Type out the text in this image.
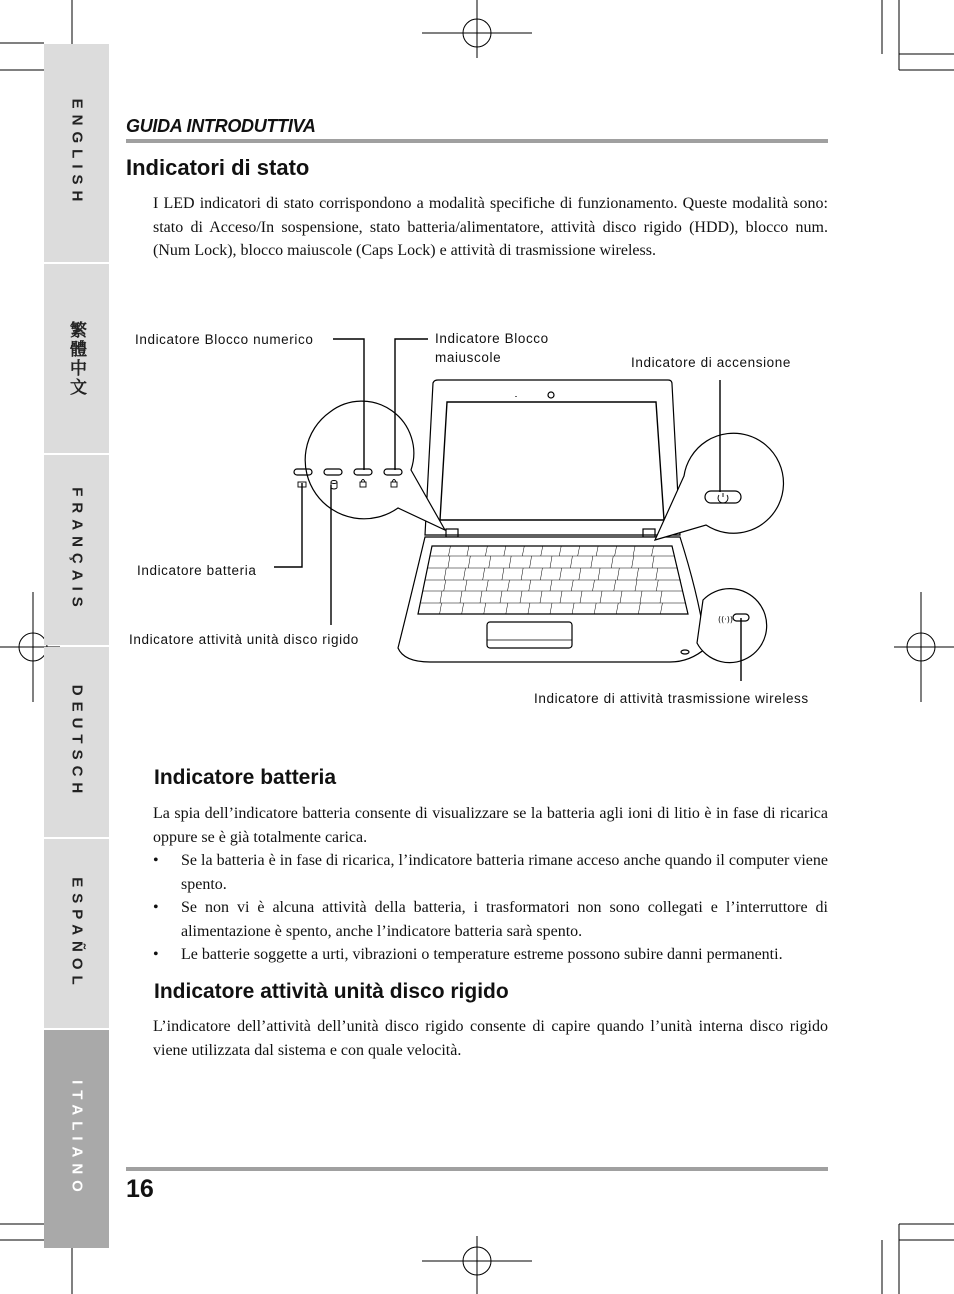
ENGLISH
繁體中文
FRANÇAIS
DEUTSCH
ESPAÑOL
ITALIANO
GUIDA INTRODUTTIVA
Indicatori di stato

I LED indicatori di stato corrispondono a modalità specifiche di funzionamento. Queste modalità sono: stato di Acceso/In sospensione, stato batteria/alimentatore, attività disco rigido (HDD), blocco num. (Num Lock), blocco maiuscole (Caps Lock) e attività di trasmissione wireless.

((·))
Indicatore Blocco numerico	Indicatore Blocco maiuscole	Indicatore di accensione
Indicatore batteria
Indicatore attività unità disco rigido
Indicatore di attività trasmissione wireless
Indicatore batteria

La spia dell’indicatore batteria consente di visualizzare se la batteria agli ioni di litio è in fase di ricarica oppure se è già totalmente carica.

• Se la batteria è in fase di ricarica, l’indicatore batteria rimane acceso anche quando il computer viene spento.
• Se non vi è alcuna attività della batteria, i trasformatori non sono collegati e l’interruttore di alimentazione è spento, anche l’indicatore batteria sarà spento.
• Le batterie soggette a urti, vibrazioni o temperature estreme possono subire danni permanenti.
Indicatore attività unità disco rigido

L’indicatore dell’attività dell’unità disco rigido consente di capire quando l’unità interna disco rigido viene utilizzata dal sistema e con quale velocità.

16
